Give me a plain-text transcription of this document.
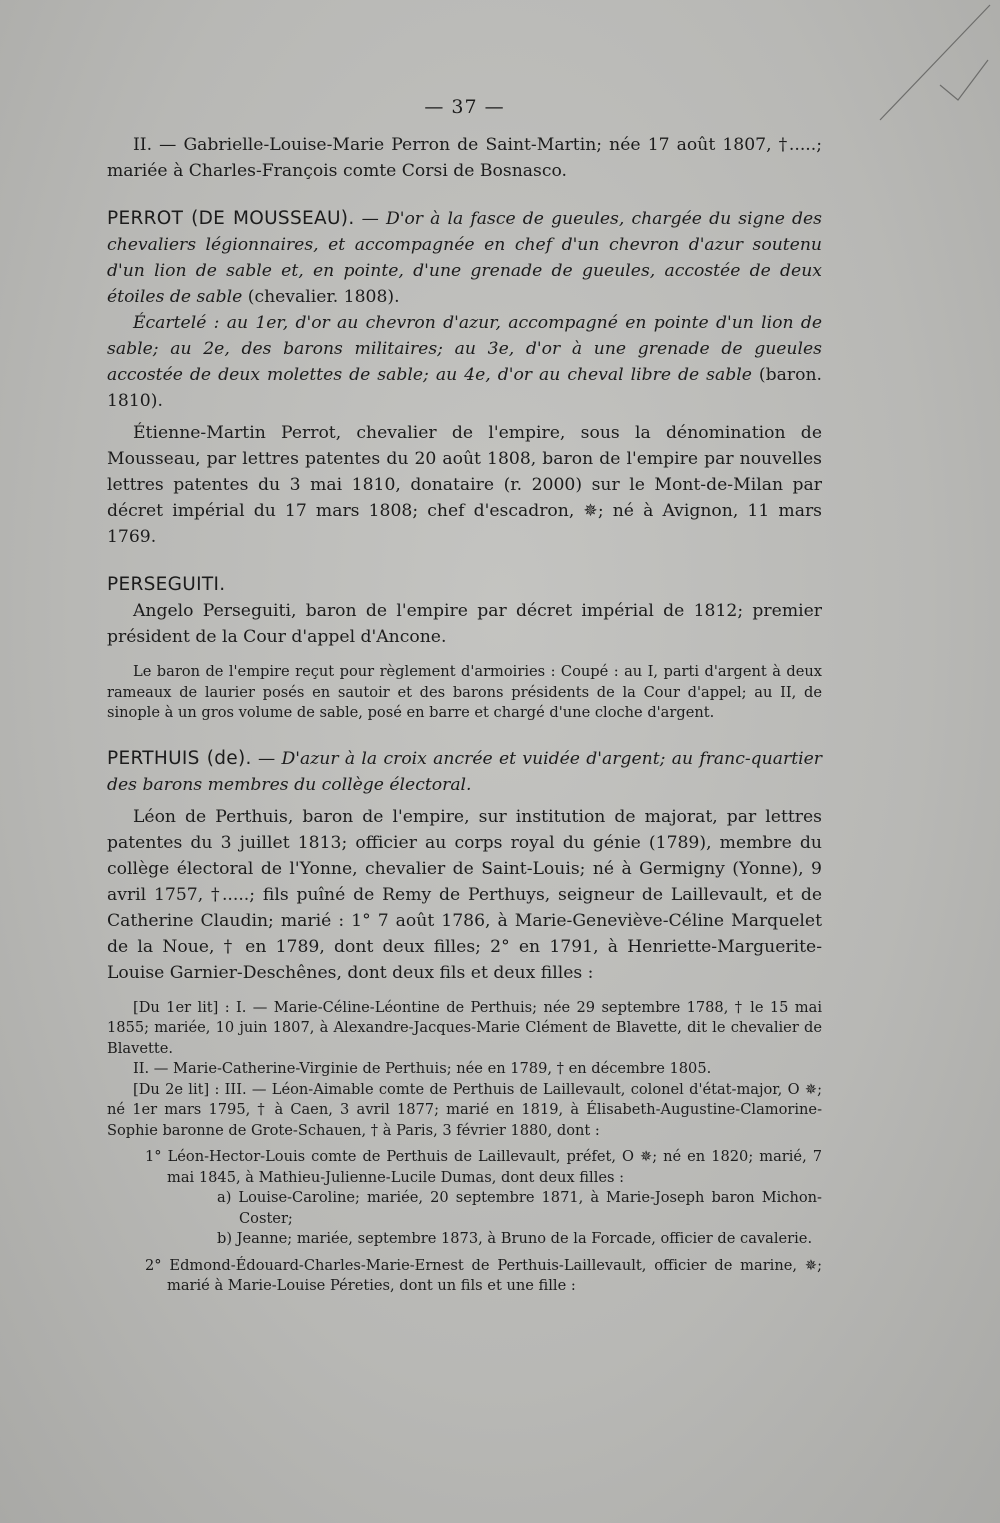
— 37 —

II. — Gabrielle-Louise-Marie Perron de Saint-Martin; née 17 août 1807, †.....; mariée à Charles-François comte Corsi de Bosnasco.

PERROT (DE MOUSSEAU). — D'or à la fasce de gueules, chargée du signe des chevaliers légionnaires, et accompagnée en chef d'un chevron d'azur soutenu d'un lion de sable et, en pointe, d'une grenade de gueules, accostée de deux étoiles de sable (chevalier. 1808).

Écartelé : au 1er, d'or au chevron d'azur, accompagné en pointe d'un lion de sable; au 2e, des barons militaires; au 3e, d'or à une grenade de gueules accostée de deux molettes de sable; au 4e, d'or au cheval libre de sable (baron. 1810).

Étienne-Martin Perrot, chevalier de l'empire, sous la dénomination de Mousseau, par lettres patentes du 20 août 1808, baron de l'empire par nouvelles lettres patentes du 3 mai 1810, donataire (r. 2000) sur le Mont-de-Milan par décret impérial du 17 mars 1808; chef d'escadron, ✵; né à Avignon, 11 mars 1769.

PERSEGUITI.

Angelo Perseguiti, baron de l'empire par décret impérial de 1812; premier président de la Cour d'appel d'Ancone.

Le baron de l'empire reçut pour règlement d'armoiries : Coupé : au I, parti d'argent à deux rameaux de laurier posés en sautoir et des barons présidents de la Cour d'appel; au II, de sinople à un gros volume de sable, posé en barre et chargé d'une cloche d'argent.

PERTHUIS (de). — D'azur à la croix ancrée et vuidée d'argent; au franc-quartier des barons membres du collège électoral.

Léon de Perthuis, baron de l'empire, sur institution de majorat, par lettres patentes du 3 juillet 1813; officier au corps royal du génie (1789), membre du collège électoral de l'Yonne, chevalier de Saint-Louis; né à Germigny (Yonne), 9 avril 1757, †.....; fils puîné de Remy de Perthuys, seigneur de Laillevault, et de Catherine Claudin; marié : 1° 7 août 1786, à Marie-Geneviève-Céline Marquelet de la Noue, † en 1789, dont deux filles; 2° en 1791, à Henriette-Marguerite-Louise Garnier-Deschênes, dont deux fils et deux filles :

[Du 1er lit] : I. — Marie-Céline-Léontine de Perthuis; née 29 septembre 1788, † le 15 mai 1855; mariée, 10 juin 1807, à Alexandre-Jacques-Marie Clément de Blavette, dit le chevalier de Blavette.

II. — Marie-Catherine-Virginie de Perthuis; née en 1789, † en décembre 1805.

[Du 2e lit] : III. — Léon-Aimable comte de Perthuis de Laillevault, colonel d'état-major, O ✵; né 1er mars 1795, † à Caen, 3 avril 1877; marié en 1819, à Élisabeth-Augustine-Clamorine-Sophie baronne de Grote-Schauen, † à Paris, 3 février 1880, dont :

1° Léon-Hector-Louis comte de Perthuis de Laillevault, préfet, O ✵; né en 1820; marié, 7 mai 1845, à Mathieu-Julienne-Lucile Dumas, dont deux filles :

a) Louise-Caroline; mariée, 20 septembre 1871, à Marie-Joseph baron Michon-Coster;

b) Jeanne; mariée, septembre 1873, à Bruno de la Forcade, officier de cavalerie.

2° Edmond-Édouard-Charles-Marie-Ernest de Perthuis-Laillevault, officier de marine, ✵; marié à Marie-Louise Péreties, dont un fils et une fille :
